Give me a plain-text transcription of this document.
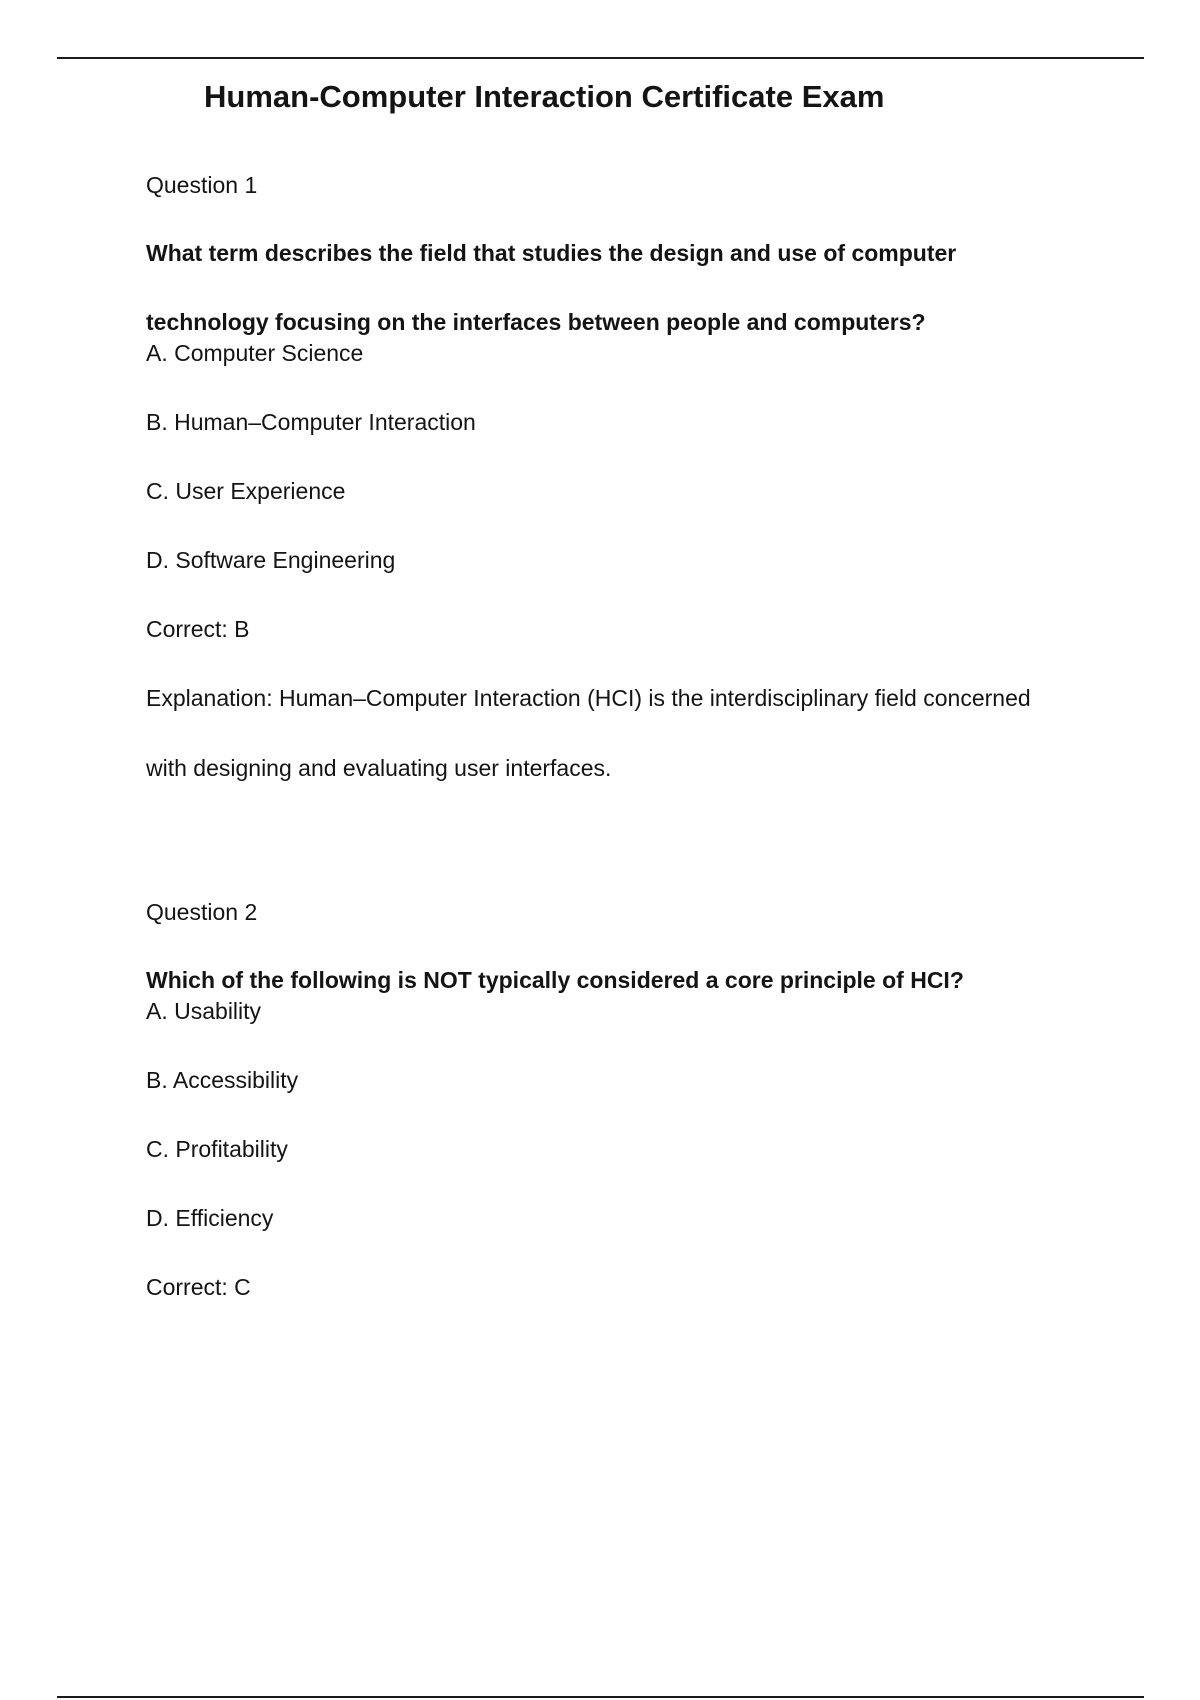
Human-Computer Interaction Certificate Exam
Question 1
What term describes the field that studies the design and use of computer technology focusing on the interfaces between people and computers?
A. Computer Science
B. Human–Computer Interaction
C. User Experience
D. Software Engineering
Correct: B
Explanation: Human–Computer Interaction (HCI) is the interdisciplinary field concerned with designing and evaluating user interfaces.
Question 2
Which of the following is NOT typically considered a core principle of HCI?
A. Usability
B. Accessibility
C. Profitability
D. Efficiency
Correct: C
